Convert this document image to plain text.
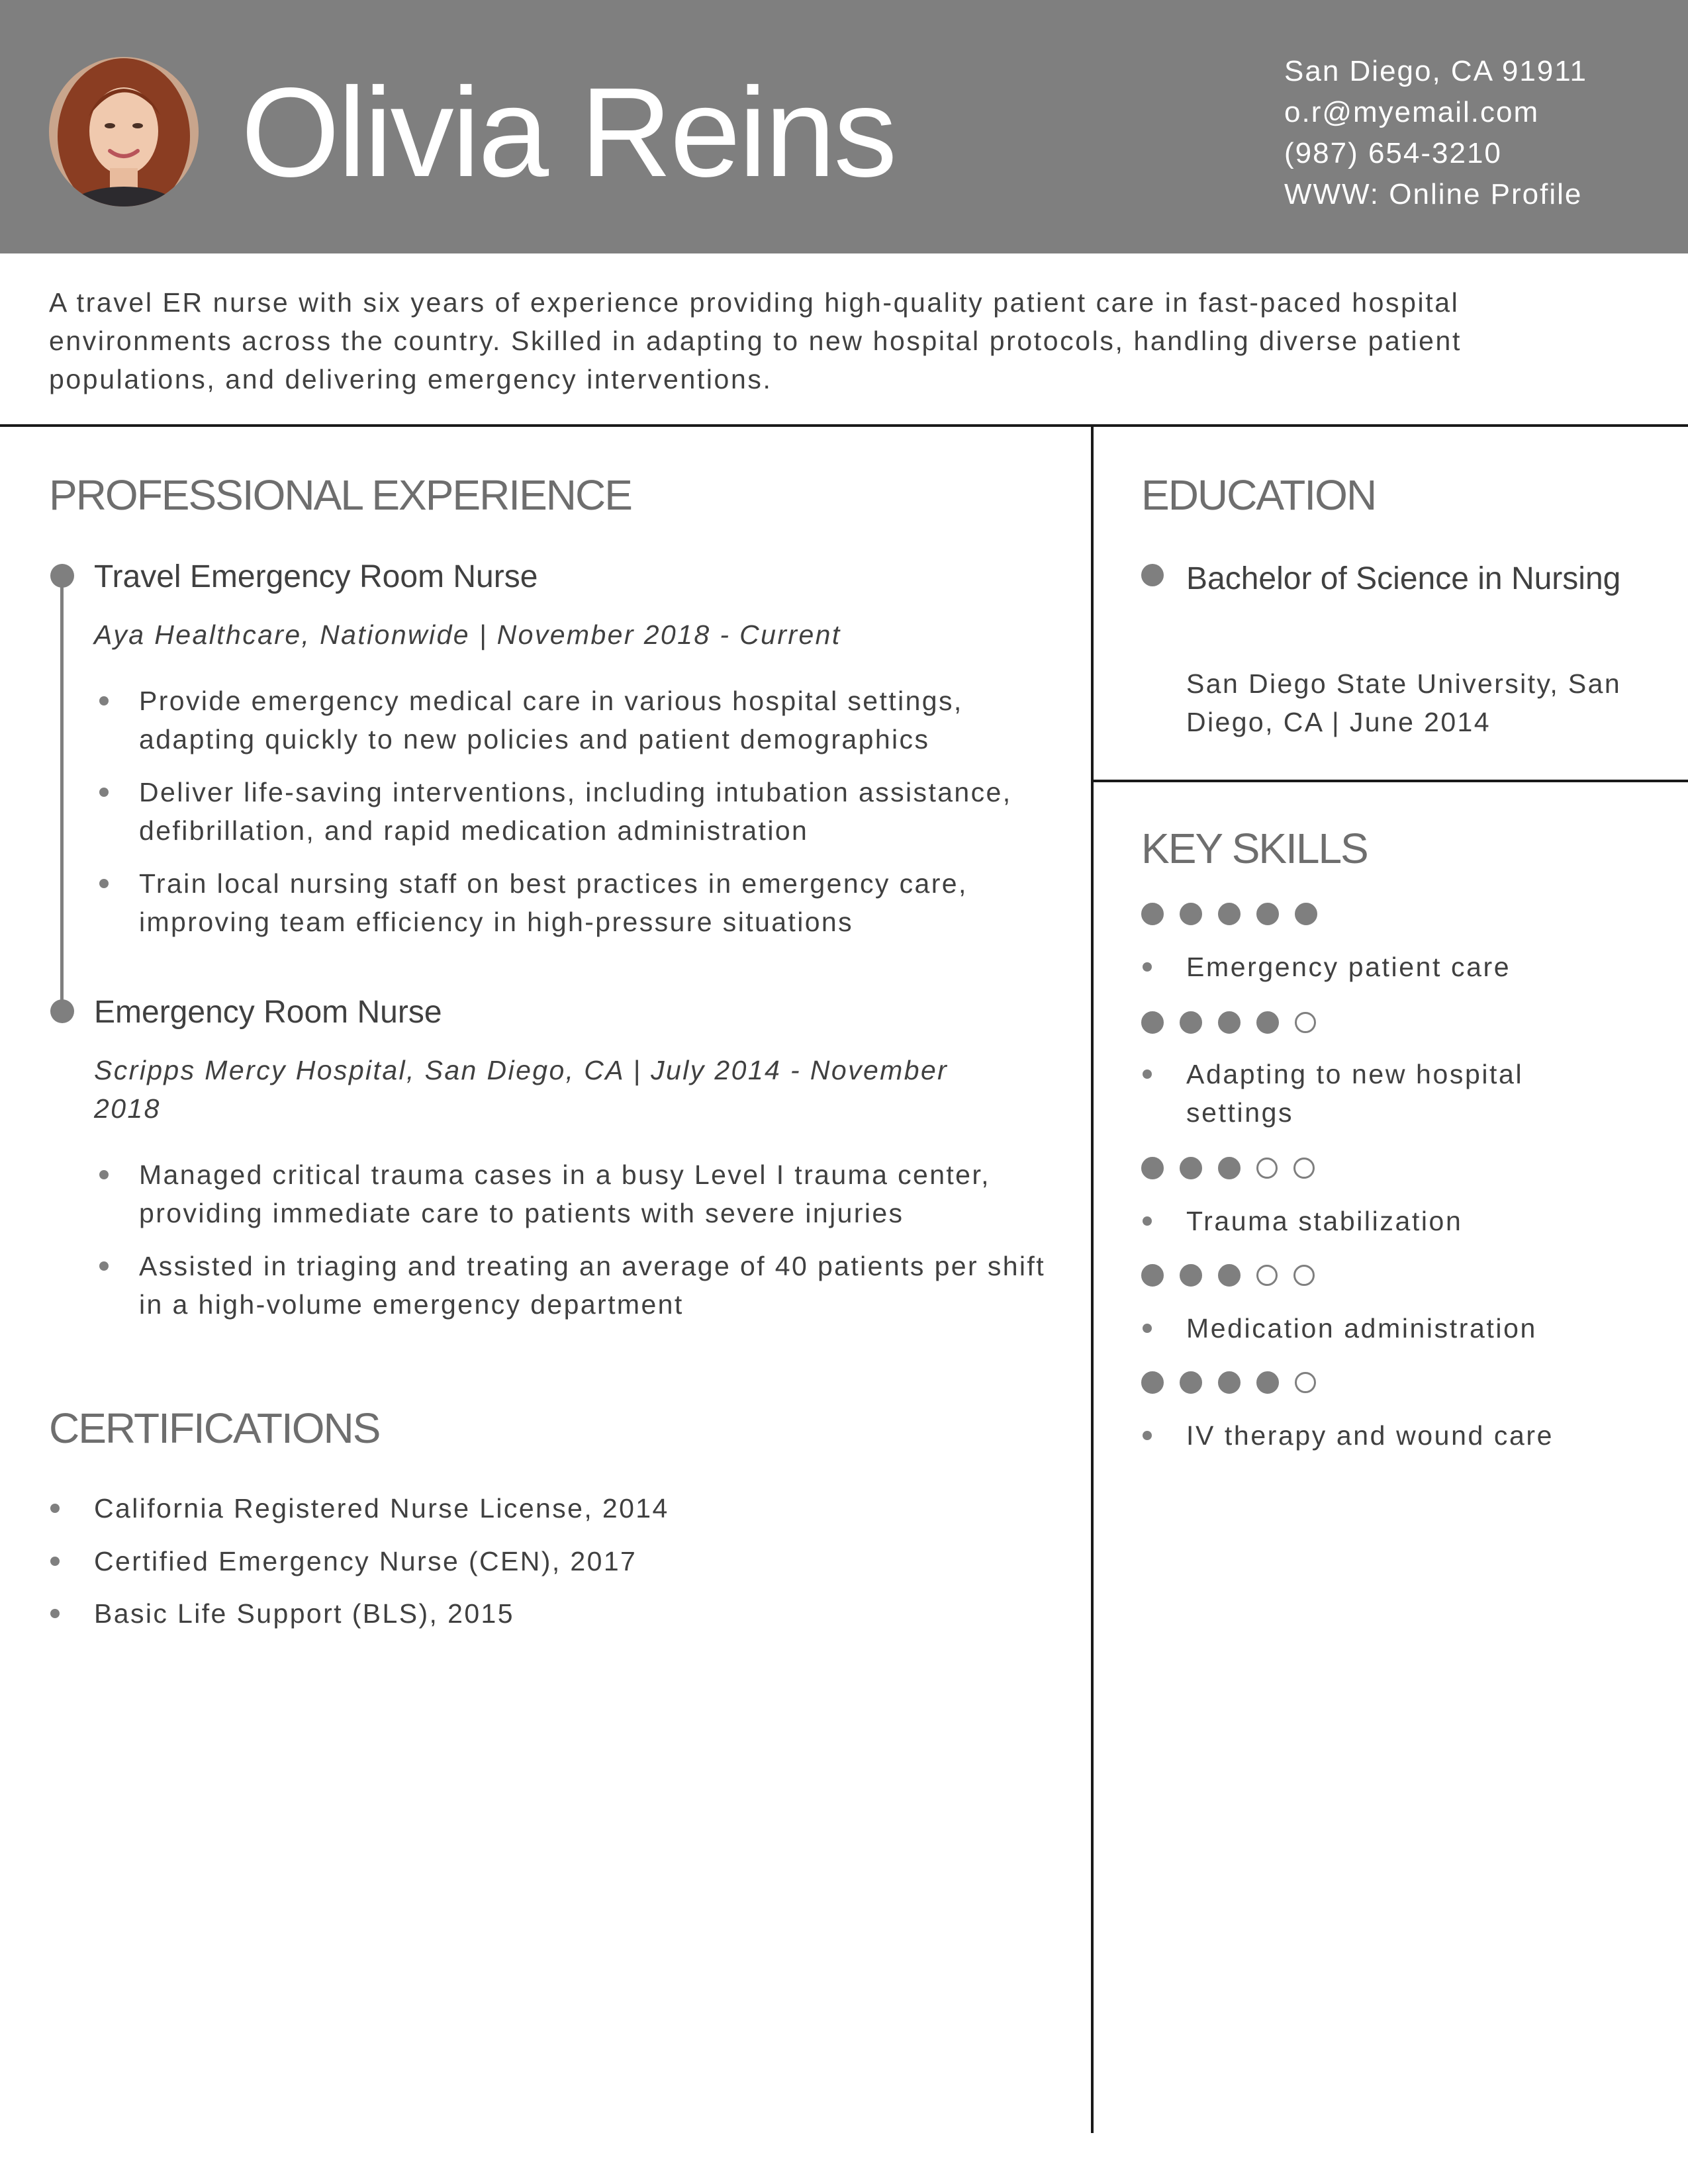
Olivia Reins	San Diego, CA 91911
o.r@myemail.com
(987) 654-3210
WWW: Online Profile

A travel ER nurse with six years of experience providing high-quality patient care in fast-paced hospital environments across the country. Skilled in adapting to new hospital protocols, handling diverse patient populations, and delivering emergency interventions.

PROFESSIONAL EXPERIENCE
Travel Emergency Room Nurse
Aya Healthcare, Nationwide | November 2018 - Current
Provide emergency medical care in various hospital settings, adapting quickly to new policies and patient demographics
Deliver life-saving interventions, including intubation assistance, defibrillation, and rapid medication administration
Train local nursing staff on best practices in emergency care, improving team efficiency in high-pressure situations
Emergency Room Nurse
Scripps Mercy Hospital, San Diego, CA | July 2014 - November 2018
Managed critical trauma cases in a busy Level I trauma center, providing immediate care to patients with severe injuries
Assisted in triaging and treating an average of 40 patients per shift in a high-volume emergency department
CERTIFICATIONS
California Registered Nurse License, 2014
Certified Emergency Nurse (CEN), 2017
Basic Life Support (BLS), 2015
EDUCATION
Bachelor of Science in Nursing
San Diego State University, San Diego, CA | June 2014
KEY SKILLS
Emergency patient care
Adapting to new hospital settings
Trauma stabilization
Medication administration
IV therapy and wound care
